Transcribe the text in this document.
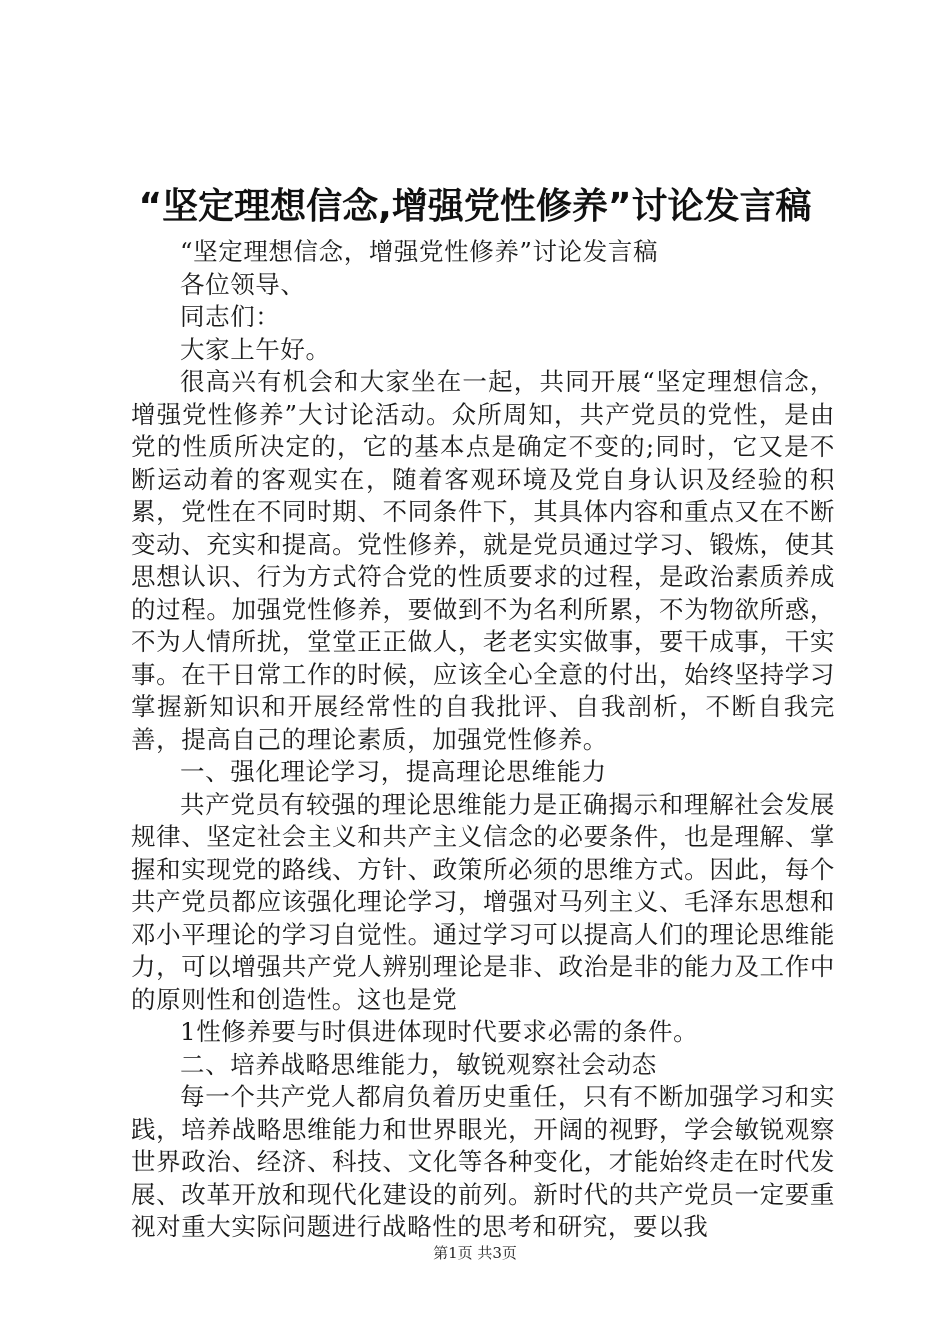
“坚定理想信念,增强党性修养”讨论发言稿

“坚定理想信念，增强党性修养”讨论发言稿

各位领导、

同志们：

大家上午好。

很高兴有机会和大家坐在一起，共同开展“坚定理想信念，增强党性修养”大讨论活动。众所周知，共产党员的党性，是由党的性质所决定的，它的基本点是确定不变的;同时，它又是不断运动着的客观实在，随着客观环境及党自身认识及经验的积累，党性在不同时期、不同条件下，其具体内容和重点又在不断变动、充实和提高。党性修养，就是党员通过学习、锻炼，使其思想认识、行为方式符合党的性质要求的过程，是政治素质养成的过程。加强党性修养，要做到不为名利所累，不为物欲所惑，不为人情所扰，堂堂正正做人，老老实实做事，要干成事，干实事。在干日常工作的时候，应该全心全意的付出，始终坚持学习掌握新知识和开展经常性的自我批评、自我剖析，不断自我完善，提高自己的理论素质，加强党性修养。

一、强化理论学习，提高理论思维能力

共产党员有较强的理论思维能力是正确揭示和理解社会发展规律、坚定社会主义和共产主义信念的必要条件，也是理解、掌握和实现党的路线、方针、政策所必须的思维方式。因此，每个共产党员都应该强化理论学习，增强对马列主义、毛泽东思想和邓小平理论的学习自觉性。通过学习可以提高人们的理论思维能力，可以增强共产党人辨别理论是非、政治是非的能力及工作中的原则性和创造性。这也是党

1性修养要与时俱进体现时代要求必需的条件。

二、培养战略思维能力，敏锐观察社会动态

每一个共产党人都肩负着历史重任，只有不断加强学习和实践，培养战略思维能力和世界眼光，开阔的视野，学会敏锐观察世界政治、经济、科技、文化等各种变化，才能始终走在时代发展、改革开放和现代化建设的前列。新时代的共产党员一定要重视对重大实际问题进行战略性的思考和研究，要以我

第1页 共3页
